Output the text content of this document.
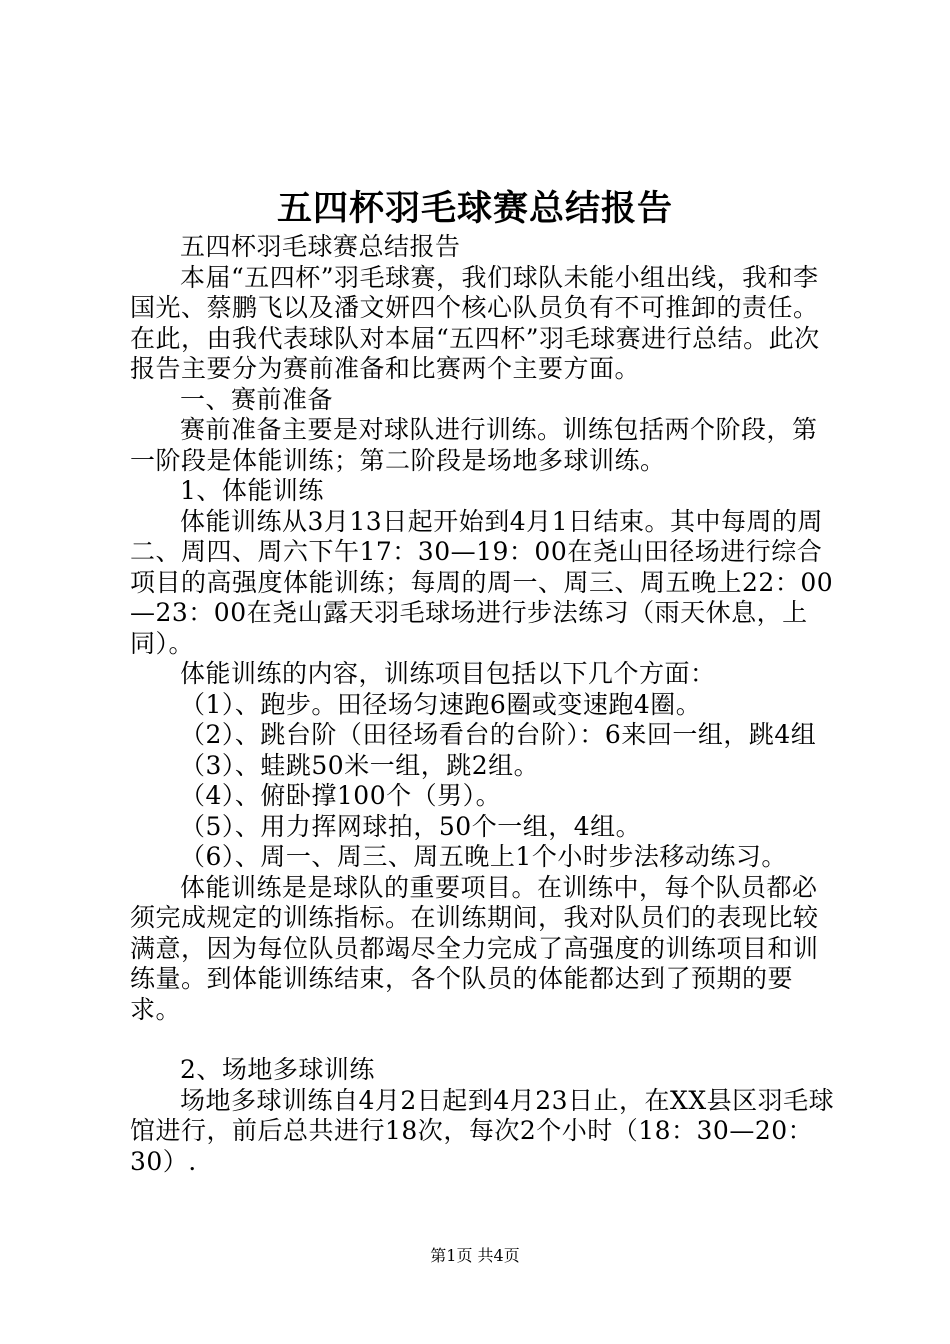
五四杯羽毛球赛总结报告

五四杯羽毛球赛总结报告

本届“五四杯”羽毛球赛，我们球队未能小组出线，我和李国光、蔡鹏飞以及潘文妍四个核心队员负有不可推卸的责任。在此，由我代表球队对本届“五四杯”羽毛球赛进行总结。此次报告主要分为赛前准备和比赛两个主要方面。

一、赛前准备

赛前准备主要是对球队进行训练。训练包括两个阶段，第一阶段是体能训练；第二阶段是场地多球训练。

1、体能训练

体能训练从3月13日起开始到4月1日结束。其中每周的周二、周四、周六下午17：30—19：00在尧山田径场进行综合项目的高强度体能训练；每周的周一、周三、周五晚上22：00—23：00在尧山露天羽毛球场进行步法练习（雨天休息，上同）。

体能训练的内容，训练项目包括以下几个方面：

（1）、跑步。田径场匀速跑6圈或变速跑4圈。

（2）、跳台阶（田径场看台的台阶）：6来回一组，跳4组

（3）、蛙跳50米一组，跳2组。

（4）、俯卧撑100个（男）。

（5）、用力挥网球拍，50个一组，4组。

（6）、周一、周三、周五晚上1个小时步法移动练习。

体能训练是是球队的重要项目。在训练中，每个队员都必须完成规定的训练指标。在训练期间，我对队员们的表现比较满意，因为每位队员都竭尽全力完成了高强度的训练项目和训练量。到体能训练结束，各个队员的体能都达到了预期的要求。

2、场地多球训练

场地多球训练自4月2日起到4月23日止，在XX县区羽毛球馆进行，前后总共进行18次，每次2个小时（18：30—20：30）.

第1页 共4页
